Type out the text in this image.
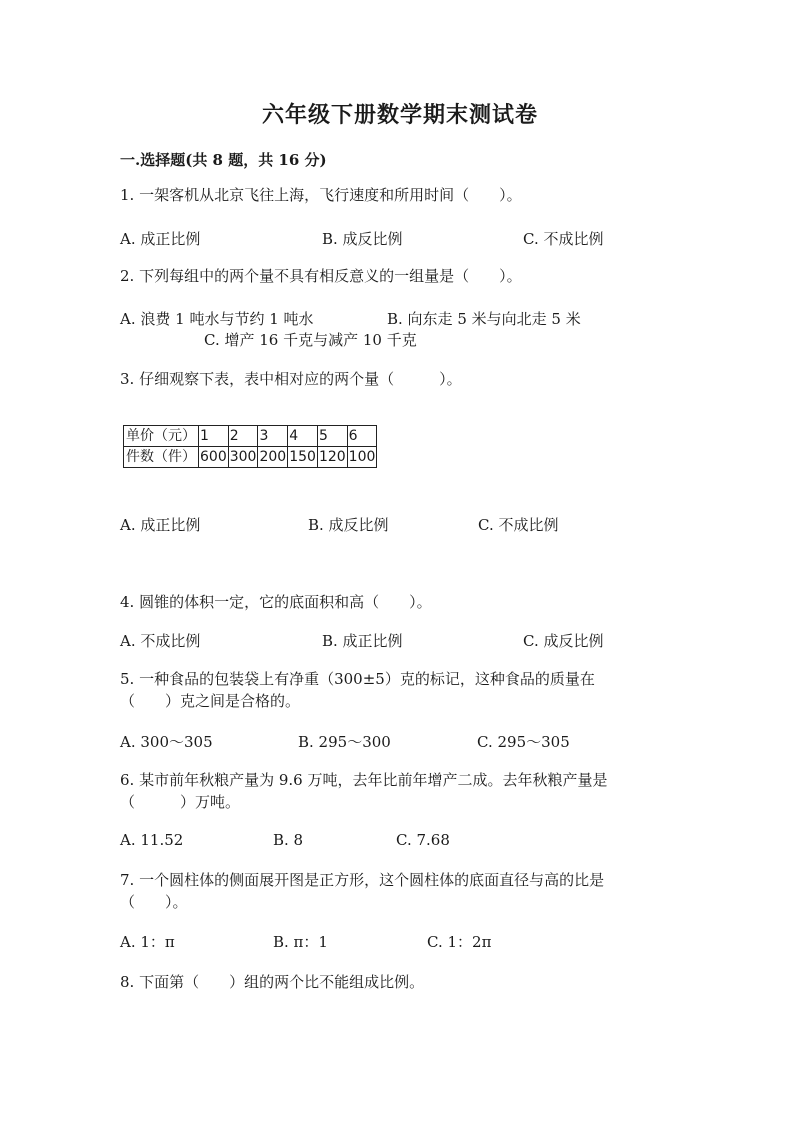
六年级下册数学期末测试卷
一.选择题(共 8 题，共 16 分)
1. 一架客机从北京飞往上海，飞行速度和所用时间（　　）。
A. 成正比例	B. 成反比例	C. 不成比例
2. 下列每组中的两个量不具有相反意义的一组量是（　　）。
A. 浪费 1 吨水与节约 1 吨水	B. 向东走 5 米与向北走 5 米
C. 增产 16 千克与减产 10 千克
3. 仔细观察下表，表中相对应的两个量（　　　）。
单价（元）	1	2	3	4	5	6
件数（件）	600	300	200	150	120	100
A. 成正比例	B. 成反比例	C. 不成比例
4. 圆锥的体积一定，它的底面积和高（　　）。
A. 不成比例	B. 成正比例	C. 成反比例
5. 一种食品的包装袋上有净重（300±5）克的标记，这种食品的质量在
（　　）克之间是合格的。
A. 300～305	B. 295～300	C. 295～305
6. 某市前年秋粮产量为 9.6 万吨，去年比前年增产二成。去年秋粮产量是
（　　　）万吨。
A. 11.52	B. 8	C. 7.68
7. 一个圆柱体的侧面展开图是正方形，这个圆柱体的底面直径与高的比是
（　　）。
A. 1：π	B. π：1	C. 1：2π
8. 下面第（　　）组的两个比不能组成比例。
